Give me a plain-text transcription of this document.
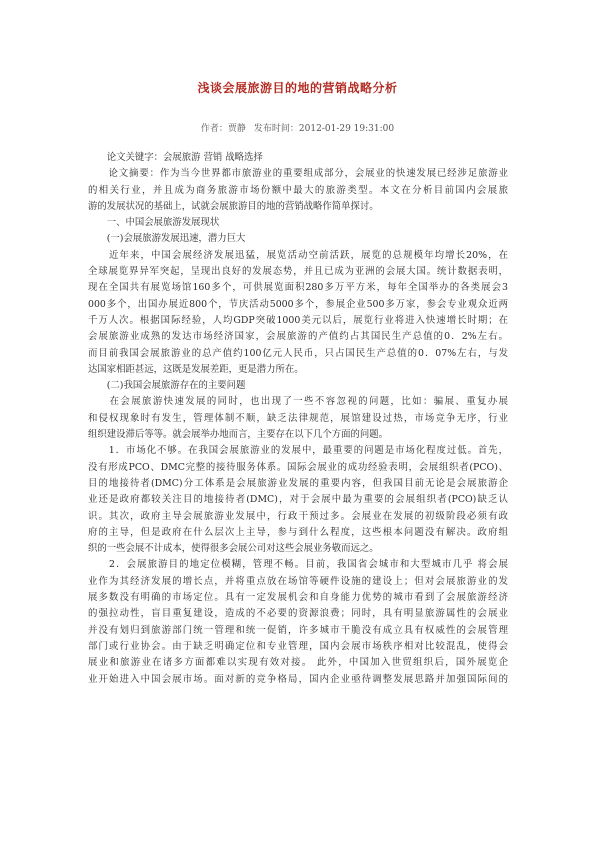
浅谈会展旅游目的地的营销战略分析
作者：贾静 发布时间：2012-01-29 19:31:00
　　论文关键字：会展旅游 营销 战略选择
　　论文摘要：作为当今世界都市旅游业的重要组成部分，会展业的快速发展已经涉足旅游业
的相关行业，并且成为商务旅游市场份额中最大的旅游类型。本文在分析目前国内会展旅
游的发展状况的基础上，试就会展旅游目的地的营销战略作简单探讨。
　　一、中国会展旅游发展现状
　　(一)会展旅游发展迅速，潜力巨大
　　近年来，中国会展经济发展迅猛，展览活动空前活跃，展览的总规模年均增长20%，在
全球展览界异军突起，呈现出良好的发展态势，并且已成为亚洲的会展大国。统计数据表明，
现在全国共有展览场馆160多个，可供展览面积280多万平方米，每年全国举办的各类展会3
000多个，出国办展近800个，节庆活动5000多个，参展企业500多万家，参会专业观众近两
千万人次。根据国际经验，人均GDP突破1000美元以后，展览行业将进入快速增长时期；在
会展旅游业成熟的发达市场经济国家，会展旅游的产值约占其国民生产总值的0．2%左右。
而目前我国会展旅游业的总产值约100亿元人民币，只占国民生产总值的0．07%左右，与发
达国家相距甚远，这既是发展差距，更是潜力所在。
　　(二)我国会展旅游存在的主要问题
　　在会展旅游快速发展的同时，也出现了一些不容忽视的问题，比如：骗展、重复办展
和侵权现象时有发生，管理体制不顺，缺乏法律规范，展馆建设过热，市场竞争无序，行业
组织建设滞后等等。就会展举办地而言，主要存在以下几个方面的问题。
　　1．市场化不够。在我国会展旅游业的发展中，最重要的问题是市场化程度过低。首先，
没有形成PCO、DMC完整的接待服务体系。国际会展业的成功经验表明，会展组织者(PCO)、
目的地接待者(DMC)分工体系是会展旅游业发展的重要内容，但我国目前无论是会展旅游企
业还是政府都较关注目的地接待者(DMC)，对于会展中最为重要的会展组织者(PCO)缺乏认
识。其次，政府主导会展旅游业发展中，行政干预过多。会展业在发展的初级阶段必须有政
府的主导，但是政府在什么层次上主导，参与到什么程度，这些根本问题没有解决。政府组
织的一些会展不计成本，使得很多会展公司对这些会展业务敬而远之。
　　2．会展旅游目的地定位模糊，管理不畅。目前，我国省会城市和大型城市几乎 将会展
业作为其经济发展的增长点，并将重点放在场馆等硬件设施的建设上；但对会展旅游业的发
展多数没有明确的市场定位。具有一定发展机会和自身能力优势的城市看到了会展旅游经济
的强拉动性，盲目重复建设，造成的不必要的资源浪费；同时，具有明显旅游属性的会展业
并没有划归到旅游部门统一管理和统一促销，许多城市干脆没有成立具有权威性的会展管理
部门或行业协会。由于缺乏明确定位和专业管理，国内会展市场秩序相对比较混乱，使得会
展业和旅游业在诸多方面都难以实现有效对接。 此外，中国加入世贸组织后，国外展览企
业开始进入中国会展市场。面对新的竞争格局，国内企业亟待调整发展思路并加强国际间的
